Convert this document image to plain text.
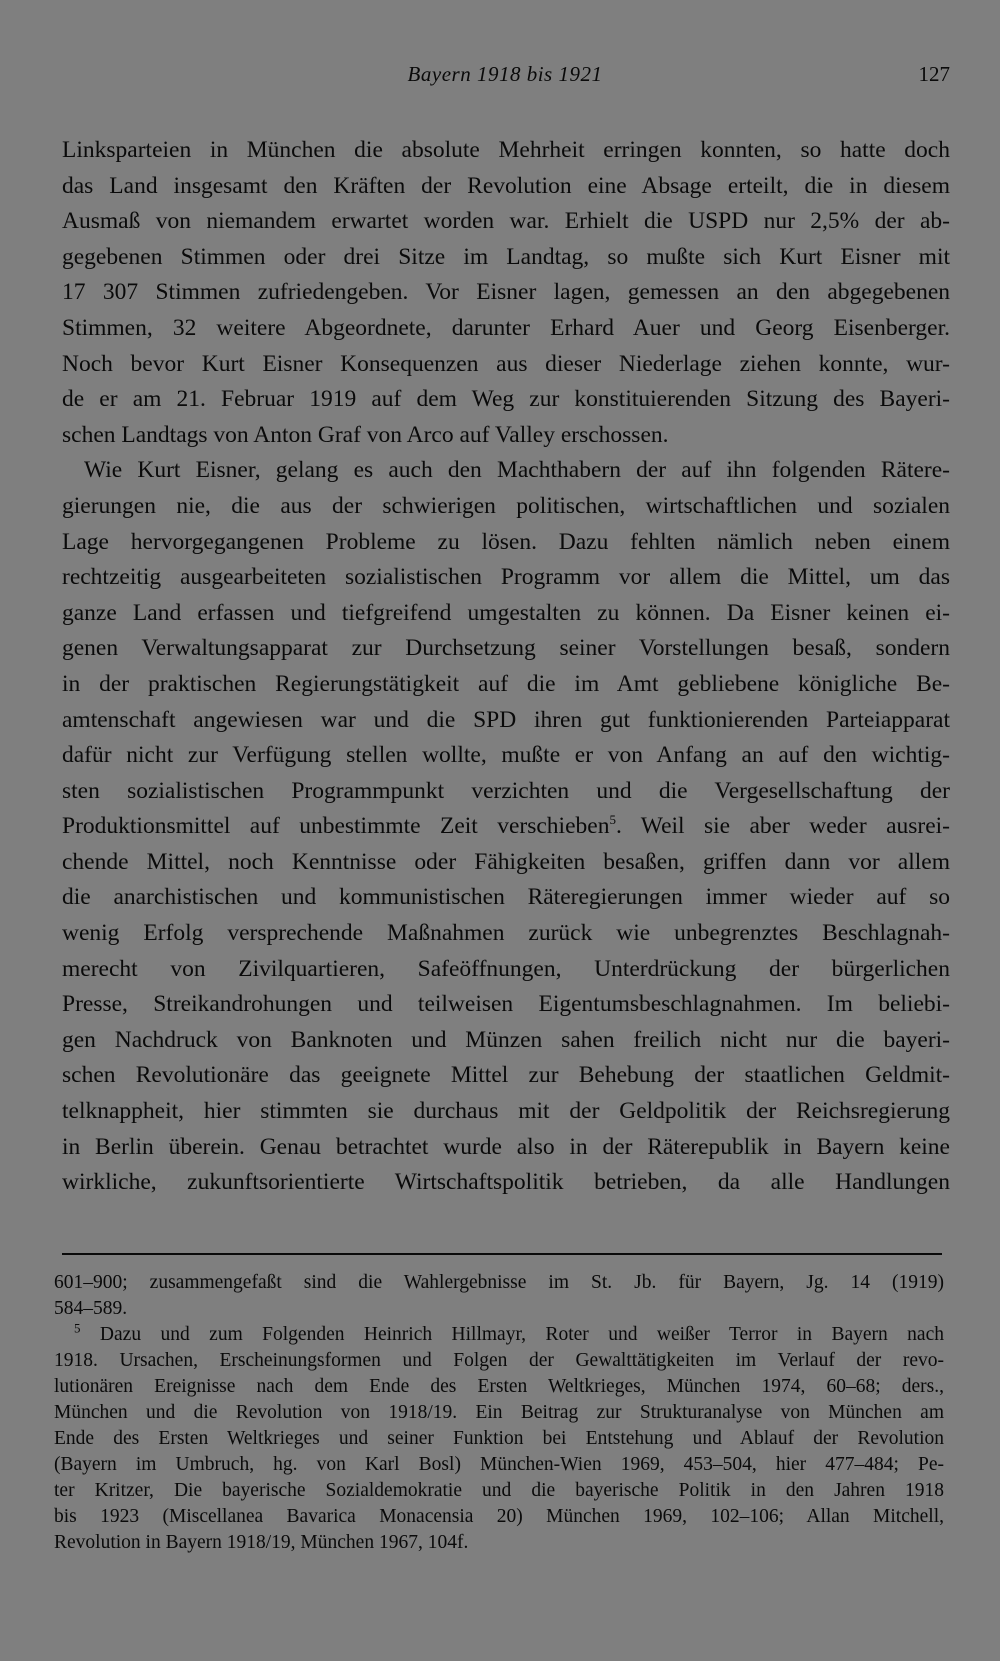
Bayern 1918 bis 1921	127
Linksparteien in München die absolute Mehrheit erringen konnten, so hatte doch
das Land insgesamt den Kräften der Revolution eine Absage erteilt, die in diesem
Ausmaß von niemandem erwartet worden war. Erhielt die USPD nur 2,5% der ab-
gegebenen Stimmen oder drei Sitze im Landtag, so mußte sich Kurt Eisner mit
17 307 Stimmen zufriedengeben. Vor Eisner lagen, gemessen an den abgegebenen
Stimmen, 32 weitere Abgeordnete, darunter Erhard Auer und Georg Eisenberger.
Noch bevor Kurt Eisner Konsequenzen aus dieser Niederlage ziehen konnte, wur-
de er am 21. Februar 1919 auf dem Weg zur konstituierenden Sitzung des Bayeri-
schen Landtags von Anton Graf von Arco auf Valley erschossen.
Wie Kurt Eisner, gelang es auch den Machthabern der auf ihn folgenden Rätere-
gierungen nie, die aus der schwierigen politischen, wirtschaftlichen und sozialen
Lage hervorgegangenen Probleme zu lösen. Dazu fehlten nämlich neben einem
rechtzeitig ausgearbeiteten sozialistischen Programm vor allem die Mittel, um das
ganze Land erfassen und tiefgreifend umgestalten zu können. Da Eisner keinen ei-
genen Verwaltungsapparat zur Durchsetzung seiner Vorstellungen besaß, sondern
in der praktischen Regierungstätigkeit auf die im Amt gebliebene königliche Be-
amtenschaft angewiesen war und die SPD ihren gut funktionierenden Parteiapparat
dafür nicht zur Verfügung stellen wollte, mußte er von Anfang an auf den wichtig-
sten sozialistischen Programmpunkt verzichten und die Vergesellschaftung der
Produktionsmittel auf unbestimmte Zeit verschieben$^5$. Weil sie aber weder ausrei-
chende Mittel, noch Kenntnisse oder Fähigkeiten besaßen, griffen dann vor allem
die anarchistischen und kommunistischen Räteregierungen immer wieder auf so
wenig Erfolg versprechende Maßnahmen zurück wie unbegrenztes Beschlagnah-
merecht von Zivilquartieren, Safeöffnungen, Unterdrückung der bürgerlichen
Presse, Streikandrohungen und teilweisen Eigentumsbeschlagnahmen. Im beliebi-
gen Nachdruck von Banknoten und Münzen sahen freilich nicht nur die bayeri-
schen Revolutionäre das geeignete Mittel zur Behebung der staatlichen Geldmit-
telknappheit, hier stimmten sie durchaus mit der Geldpolitik der Reichsregierung
in Berlin überein. Genau betrachtet wurde also in der Räterepublik in Bayern keine
wirkliche, zukunftsorientierte Wirtschaftspolitik betrieben, da alle Handlungen
601–900; zusammengefaßt sind die Wahlergebnisse im St. Jb. für Bayern, Jg. 14 (1919)
584–589.
$^5$ Dazu und zum Folgenden Heinrich Hillmayr, Roter und weißer Terror in Bayern nach
1918. Ursachen, Erscheinungsformen und Folgen der Gewalttätigkeiten im Verlauf der revo-
lutionären Ereignisse nach dem Ende des Ersten Weltkrieges, München 1974, 60–68; ders.,
München und die Revolution von 1918/19. Ein Beitrag zur Strukturanalyse von München am
Ende des Ersten Weltkrieges und seiner Funktion bei Entstehung und Ablauf der Revolution
(Bayern im Umbruch, hg. von Karl Bosl) München-Wien 1969, 453–504, hier 477–484; Pe-
ter Kritzer, Die bayerische Sozialdemokratie und die bayerische Politik in den Jahren 1918
bis 1923 (Miscellanea Bavarica Monacensia 20) München 1969, 102–106; Allan Mitchell,
Revolution in Bayern 1918/19, München 1967, 104f.
